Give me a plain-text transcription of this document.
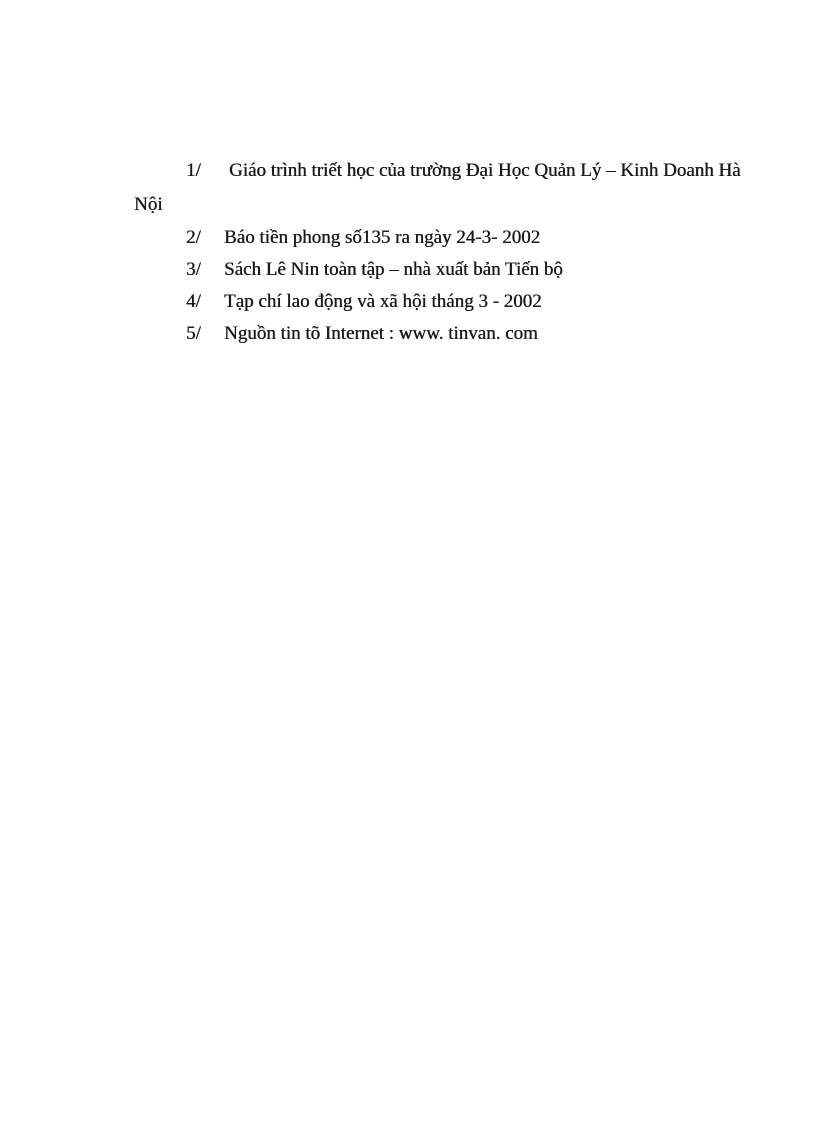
1/ Giáo trình triết học của trường Đại Học Quản Lý – Kinh Doanh Hà
Nội
2/ Báo tiền phong số135 ra ngày 24-3- 2002
3/ Sách Lê Nin toàn tập – nhà xuất bản Tiến bộ
4/ Tạp chí lao động và xã hội tháng 3 - 2002
5/ Nguồn tin tõ Internet : www. tinvan. com
